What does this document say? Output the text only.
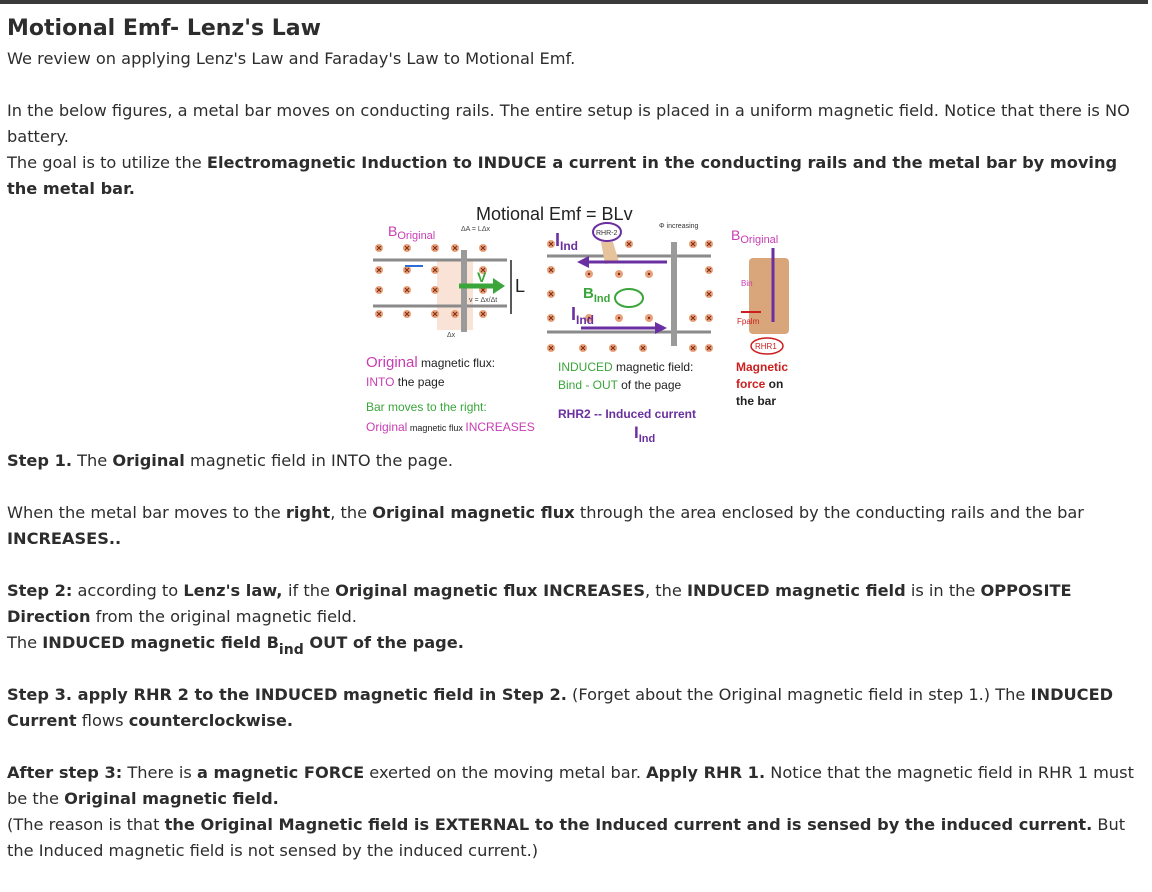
Motional Emf- Lenz's Law

We review on applying Lenz's Law and Faraday's Law to Motional Emf.

In the below figures, a metal bar moves on conducting rails. The entire setup is placed in a uniform magnetic field. Notice that there is NO battery.

The goal is to utilize the Electromagnetic Induction to INDUCE a current in the conducting rails and the metal bar by moving the metal bar.

Motional Emf = BLv
V
v = Δx/Δt
ΔA = LΔx
Δx
L
$B_{Original}$	RHR-2
Φ increasing
$I_{Ind}$
$I_{Ind}$
$B_{Ind}$
$B_{Original}$
Bin
Fpalm
RHR1
Original magnetic flux:
INTO the page
Bar moves to the right:
Original magnetic flux INCREASES
INDUCED magnetic field:
Bind - OUT of the page
RHR2 -- Induced current
$I_{Ind}$
Magnetic
force on
the bar

Step 1. The Original magnetic field in INTO the page.

When the metal bar moves to the right, the Original magnetic flux through the area enclosed by the conducting rails and the bar INCREASES..

Step 2: according to Lenz's law, if the Original magnetic flux INCREASES, the INDUCED magnetic field is in the OPPOSITE Direction from the original magnetic field.

The INDUCED magnetic field $B_{ind}$ OUT of the page.

Step 3. apply RHR 2 to the INDUCED magnetic field in Step 2. (Forget about the Original magnetic field in step 1.) The INDUCED Current flows counterclockwise.

After step 3: There is a magnetic FORCE exerted on the moving metal bar. Apply RHR 1. Notice that the magnetic field in RHR 1 must be the Original magnetic field.

(The reason is that the Original Magnetic field is EXTERNAL to the Induced current and is sensed by the induced current. But the Induced magnetic field is not sensed by the induced current.)
